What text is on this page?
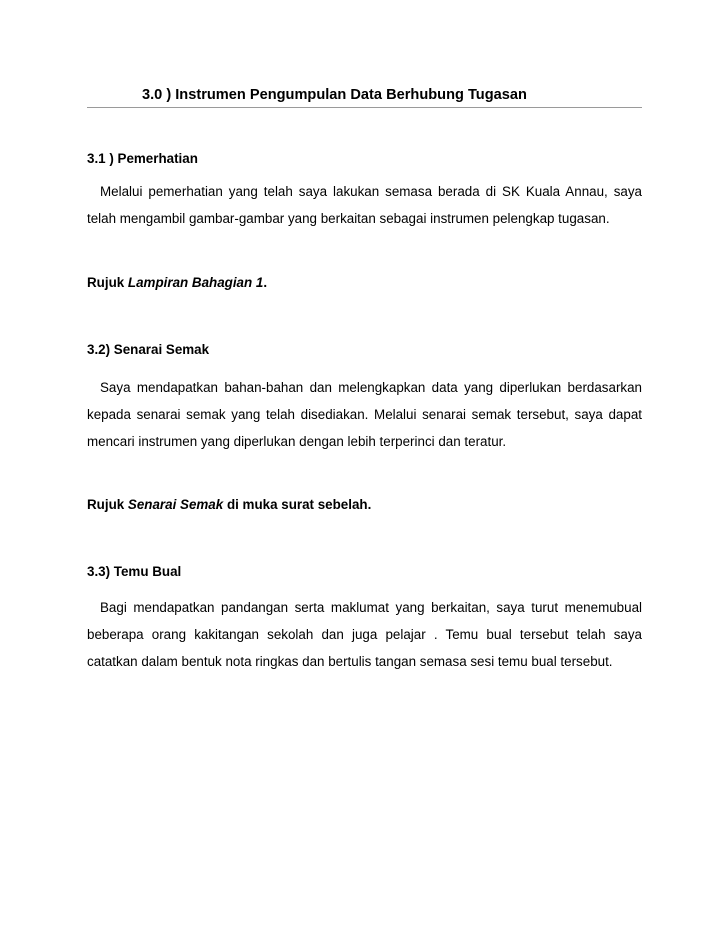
3.0 ) Instrumen Pengumpulan Data Berhubung Tugasan
3.1 ) Pemerhatian
Melalui pemerhatian yang telah saya lakukan semasa berada di SK Kuala Annau, saya telah mengambil gambar-gambar yang berkaitan sebagai instrumen pelengkap tugasan.
Rujuk Lampiran Bahagian 1.
3.2) Senarai Semak
Saya mendapatkan bahan-bahan dan melengkapkan data yang diperlukan berdasarkan kepada senarai semak yang telah disediakan. Melalui senarai semak tersebut, saya dapat mencari instrumen yang diperlukan dengan lebih terperinci dan teratur.
Rujuk Senarai Semak di muka surat sebelah.
3.3) Temu Bual
Bagi mendapatkan pandangan serta maklumat yang berkaitan, saya turut menemubual beberapa orang kakitangan sekolah dan juga pelajar . Temu bual tersebut telah saya catatkan dalam bentuk nota ringkas dan bertulis tangan semasa sesi temu bual tersebut.
